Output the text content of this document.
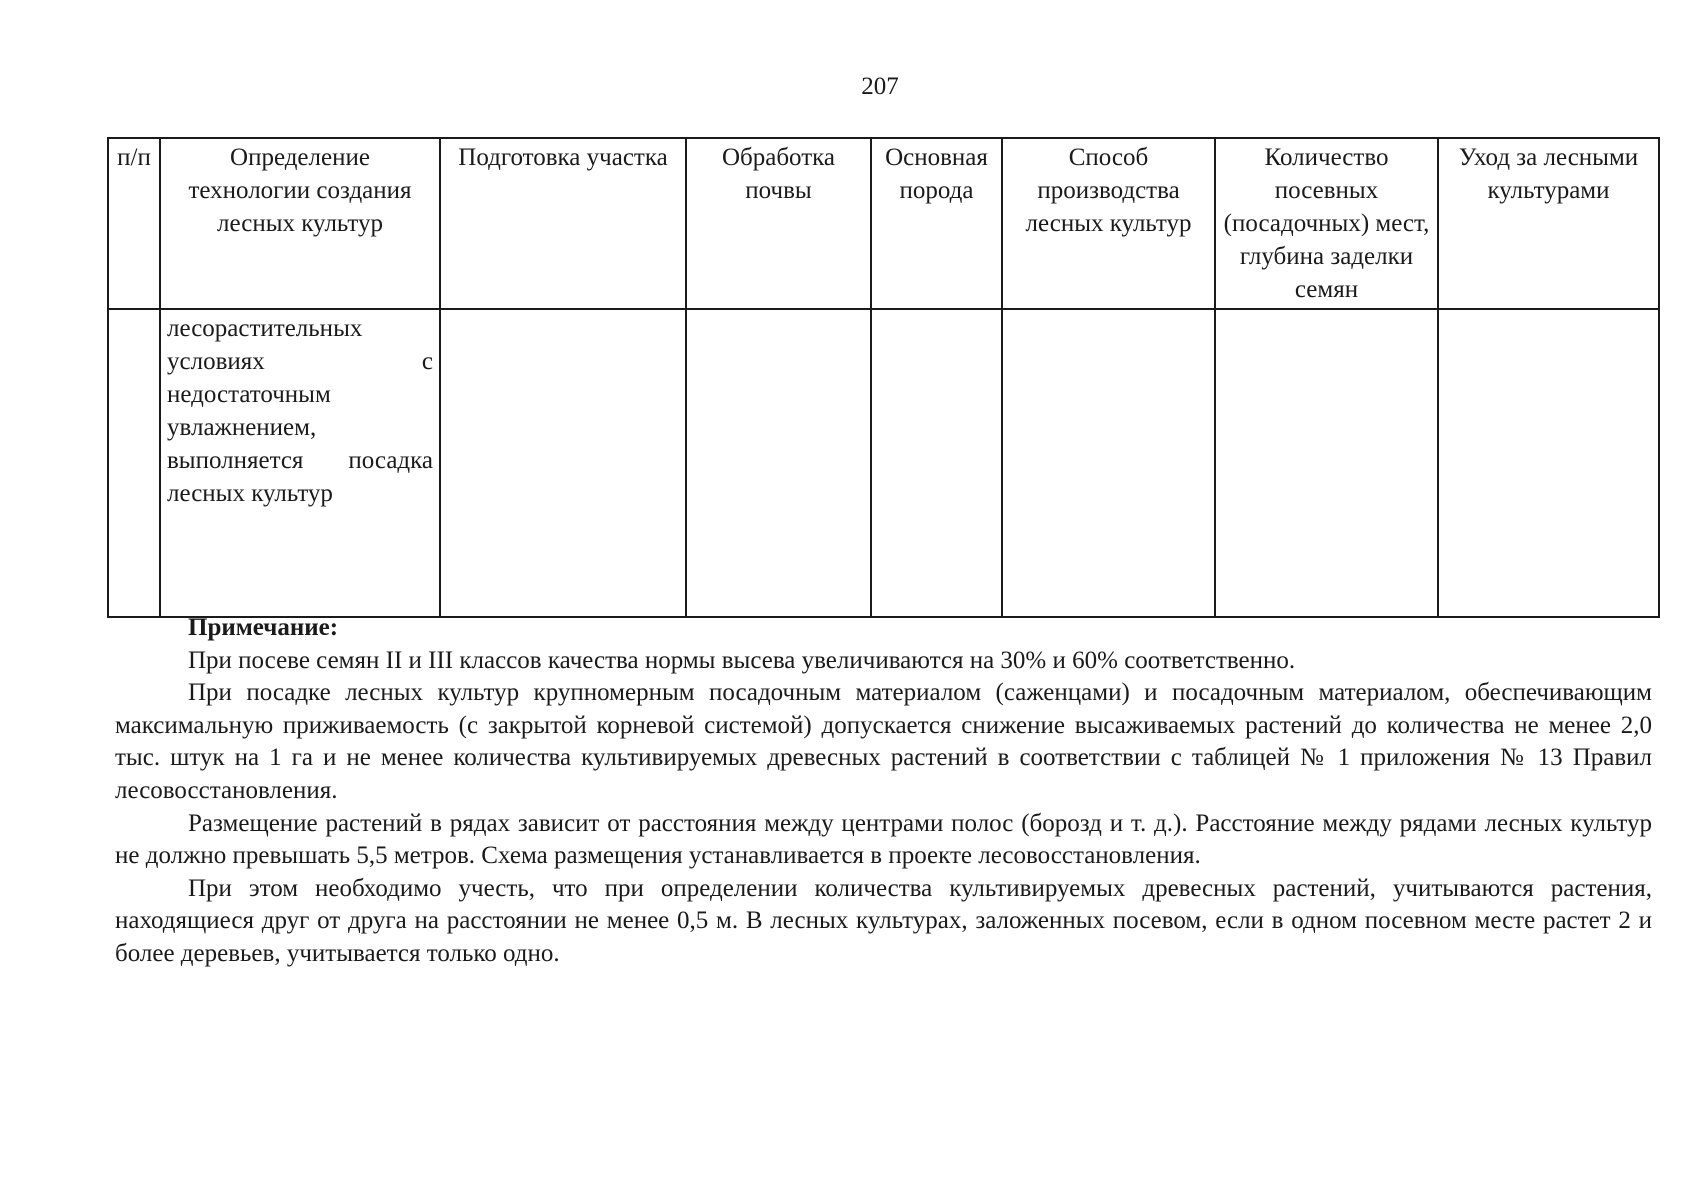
207
п/п	Определение технологии создания лесных культур	Подготовка участка	Обработка почвы	Основная порода	Способ производства лесных культур	Количество посевных (посадочных) мест, глубина заделки семян	Уход за лесными культурами
	лесорастительных условиях с недостаточным увлажнением, выполняется посадка лесных культур						

Примечание:

При посеве семян II и III классов качества нормы высева увеличиваются на 30% и 60% соответственно.

При посадке лесных культур крупномерным посадочным материалом (саженцами) и посадочным материалом, обеспечивающим максимальную приживаемость (с закрытой корневой системой) допускается снижение высаживаемых растений до количества не менее 2,0 тыс. штук на 1 га и не менее количества культивируемых древесных растений в соответствии с таблицей № 1 приложения № 13 Правил лесовосстановления.

Размещение растений в рядах зависит от расстояния между центрами полос (борозд и т. д.). Расстояние между рядами лесных культур не должно превышать 5,5 метров. Схема размещения устанавливается в проекте лесовосстановления.

При этом необходимо учесть, что при определении количества культивируемых древесных растений, учитываются растения, находящиеся друг от друга на расстоянии не менее 0,5 м. В лесных культурах, заложенных посевом, если в одном посевном месте растет 2 и более деревьев, учитывается только одно.
